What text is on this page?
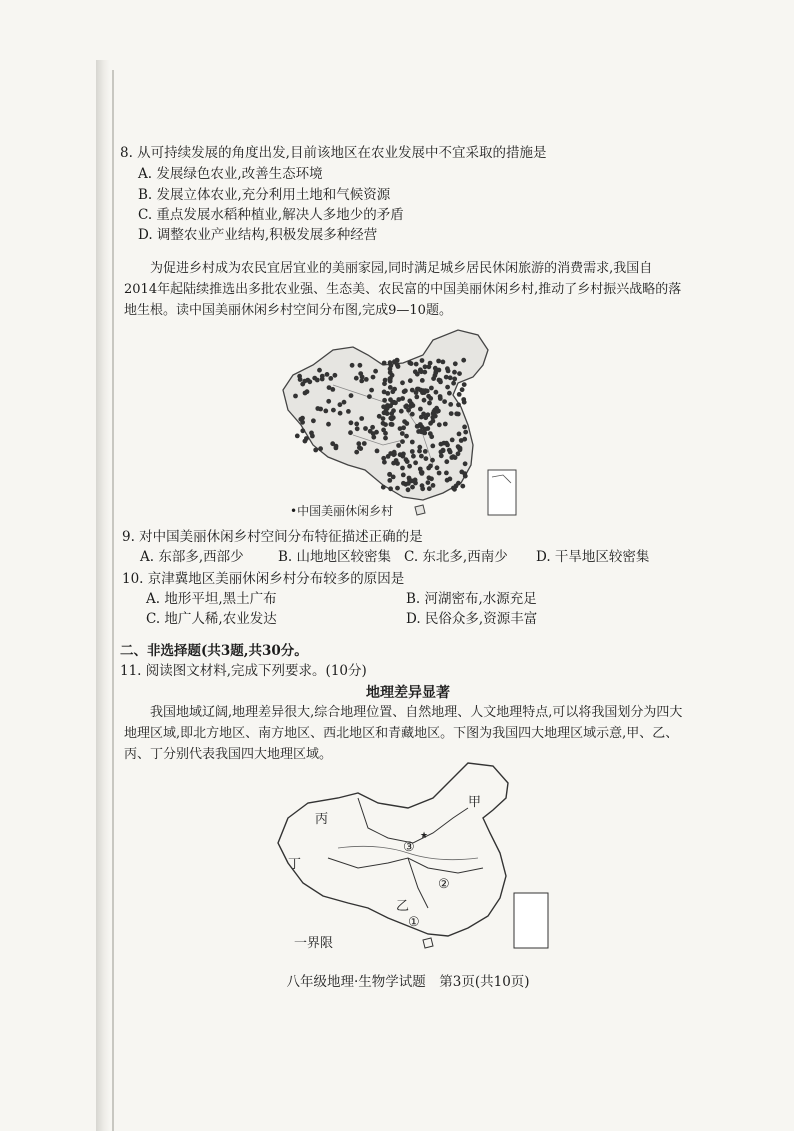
8. 从可持续发展的角度出发,目前该地区在农业发展中不宜采取的措施是
A. 发展绿色农业,改善生态环境
B. 发展立体农业,充分利用土地和气候资源
C. 重点发展水稻种植业,解决人多地少的矛盾
D. 调整农业产业结构,积极发展多种经营
为促进乡村成为农民宜居宜业的美丽家园,同时满足城乡居民休闲旅游的消费需求,我国自2014年起陆续推选出多批农业强、生态美、农民富的中国美丽休闲乡村,推动了乡村振兴战略的落地生根。读中国美丽休闲乡村空间分布图,完成9—10题。
•中国美丽休闲乡村
9. 对中国美丽休闲乡村空间分布特征描述正确的是
A. 东部多,西部少	B. 山地地区较密集 C. 东北多,西南少 D. 干旱地区较密集
10. 京津冀地区美丽休闲乡村分布较多的原因是
A. 地形平坦,黑土广布	B. 河湖密布,水源充足
C. 地广人稀,农业发达	D. 民俗众多,资源丰富
二、非选择题(共3题,共30分。
11. 阅读图文材料,完成下列要求。(10分)
地理差异显著
我国地域辽阔,地理差异很大,综合地理位置、自然地理、人文地理特点,可以将我国划分为四大地理区域,即北方地区、南方地区、西北地区和青藏地区。下图为我国四大地理区域示意,甲、乙、丙、丁分别代表我国四大地理区域。
甲
乙
丙
丁
③
②
①
★
一界限
八年级地理·生物学试题　第3页(共10页)
